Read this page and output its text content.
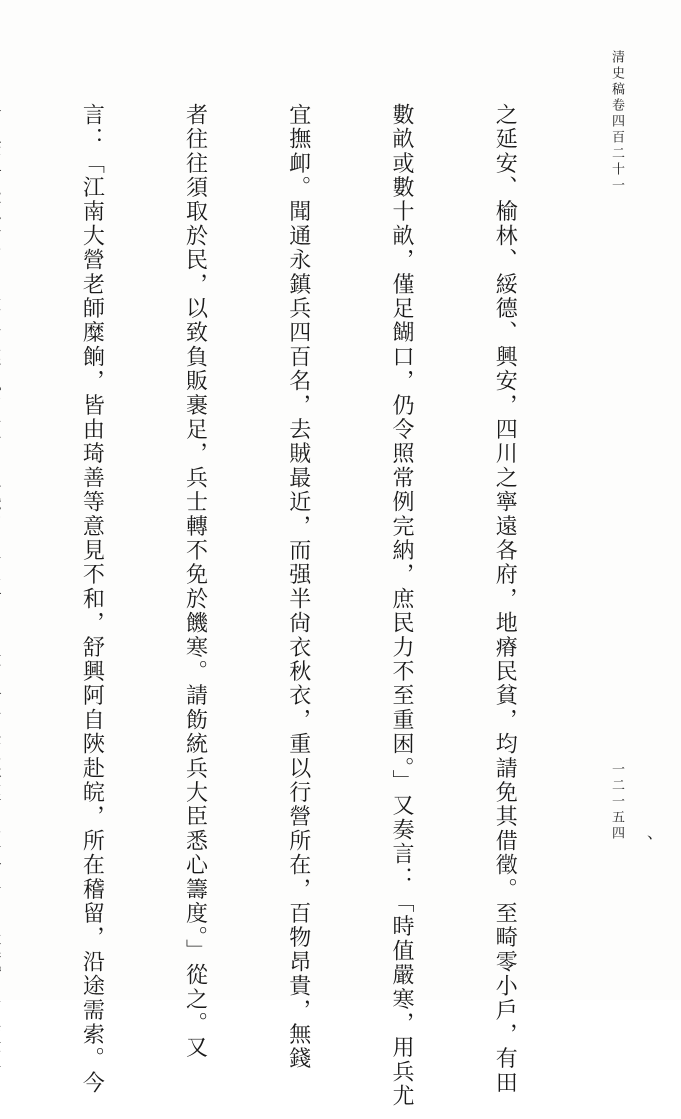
清史稿卷四百二十一
一二一五四 、

之延安、榆林、綏德、興安，四川之寧遠各府，地瘠民貧，均請免其借徵。至畸零小戶，有田

數畝或數十畝，僅足餬口，仍令照常例完納，庶民力不至重困。」又奏言：「時值嚴寒，用兵尤

宜撫卹。聞通永鎮兵四百名，去賊最近，而强半尙衣秋衣，重以行營所在，百物昂貴，無錢

者往往須取於民，以致負販裹足，兵士轉不免於饑寒。請飭統兵大臣悉心籌度。」從之。又

言：「江南大營老師糜餉，皆由琦善等意見不和，舒興阿自陜赴皖，所在稽留，沿途需索。今
